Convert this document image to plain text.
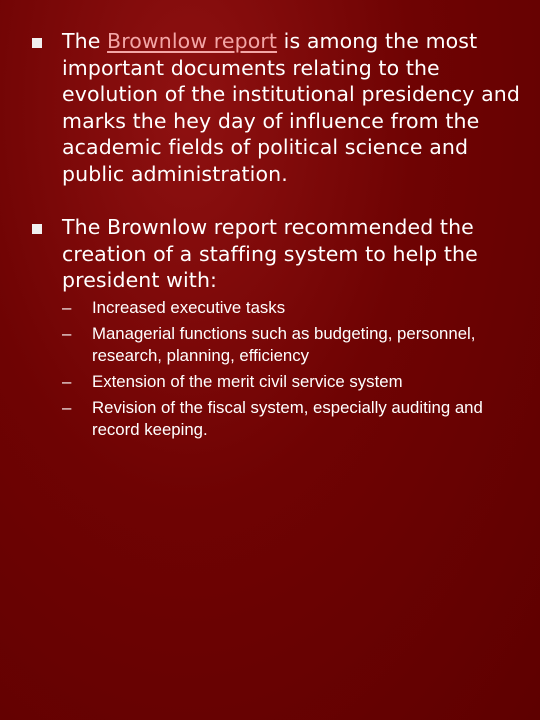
The Brownlow report is among the most important documents relating to the evolution of the institutional presidency and marks the hey day of influence from the academic fields of political science and public administration.
The Brownlow report recommended the creation of a staffing system to help the president with:
–	Increased executive tasks
–	Managerial functions such as budgeting, personnel, research, planning, efficiency
–	Extension of the merit civil service system
–	Revision of the fiscal system, especially auditing and record keeping.
